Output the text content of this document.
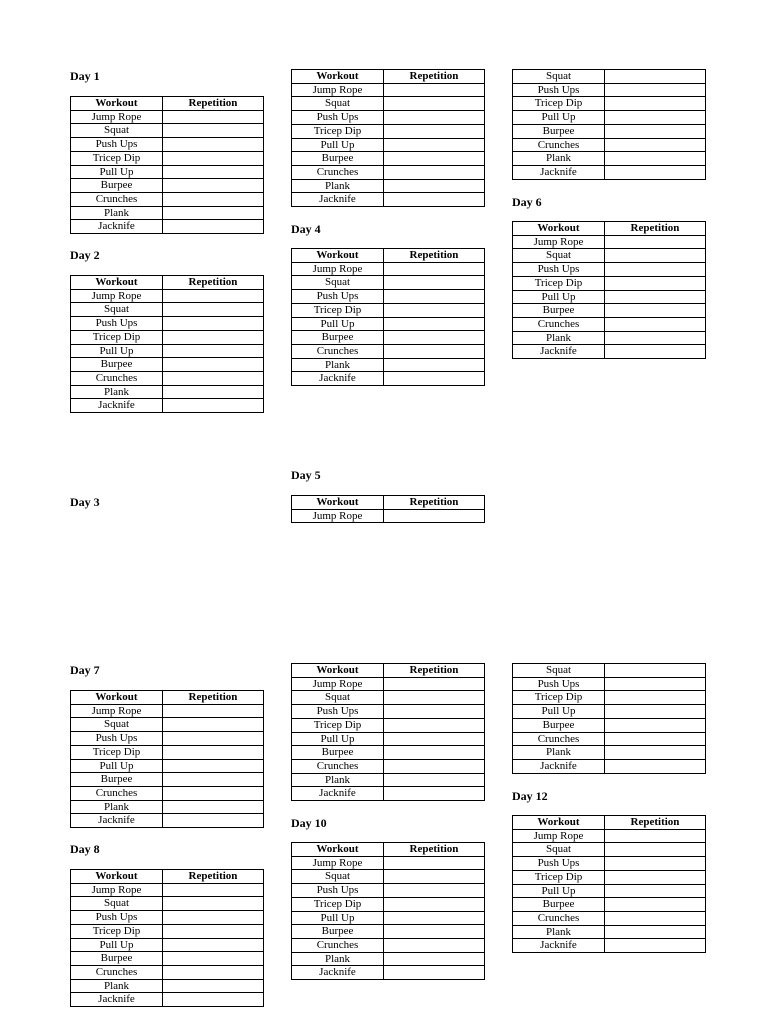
Day 1
Workout	Repetition
Jump Rope	
Squat	
Push Ups	
Tricep Dip	
Pull Up	
Burpee	
Crunches	
Plank	
Jacknife	
Day 2
Workout	Repetition
Jump Rope	
Squat	
Push Ups	
Tricep Dip	
Pull Up	
Burpee	
Crunches	
Plank	
Jacknife	
Day 3
Day 7
Workout	Repetition
Jump Rope	
Squat	
Push Ups	
Tricep Dip	
Pull Up	
Burpee	
Crunches	
Plank	
Jacknife	
Day 8
Workout	Repetition
Jump Rope	
Squat	
Push Ups	
Tricep Dip	
Pull Up	
Burpee	
Crunches	
Plank	
Jacknife	
Workout	Repetition
Jump Rope	
Squat	
Push Ups	
Tricep Dip	
Pull Up	
Burpee	
Crunches	
Plank	
Jacknife	
Day 4
Workout	Repetition
Jump Rope	
Squat	
Push Ups	
Tricep Dip	
Pull Up	
Burpee	
Crunches	
Plank	
Jacknife	
Day 5
Workout	Repetition
Jump Rope	
Workout	Repetition
Jump Rope	
Squat	
Push Ups	
Tricep Dip	
Pull Up	
Burpee	
Crunches	
Plank	
Jacknife	
Day 10
Workout	Repetition
Jump Rope	
Squat	
Push Ups	
Tricep Dip	
Pull Up	
Burpee	
Crunches	
Plank	
Jacknife	
Squat	
Push Ups	
Tricep Dip	
Pull Up	
Burpee	
Crunches	
Plank	
Jacknife	
Day 6
Workout	Repetition
Jump Rope	
Squat	
Push Ups	
Tricep Dip	
Pull Up	
Burpee	
Crunches	
Plank	
Jacknife	
Squat	
Push Ups	
Tricep Dip	
Pull Up	
Burpee	
Crunches	
Plank	
Jacknife	
Day 12
Workout	Repetition
Jump Rope	
Squat	
Push Ups	
Tricep Dip	
Pull Up	
Burpee	
Crunches	
Plank	
Jacknife	
